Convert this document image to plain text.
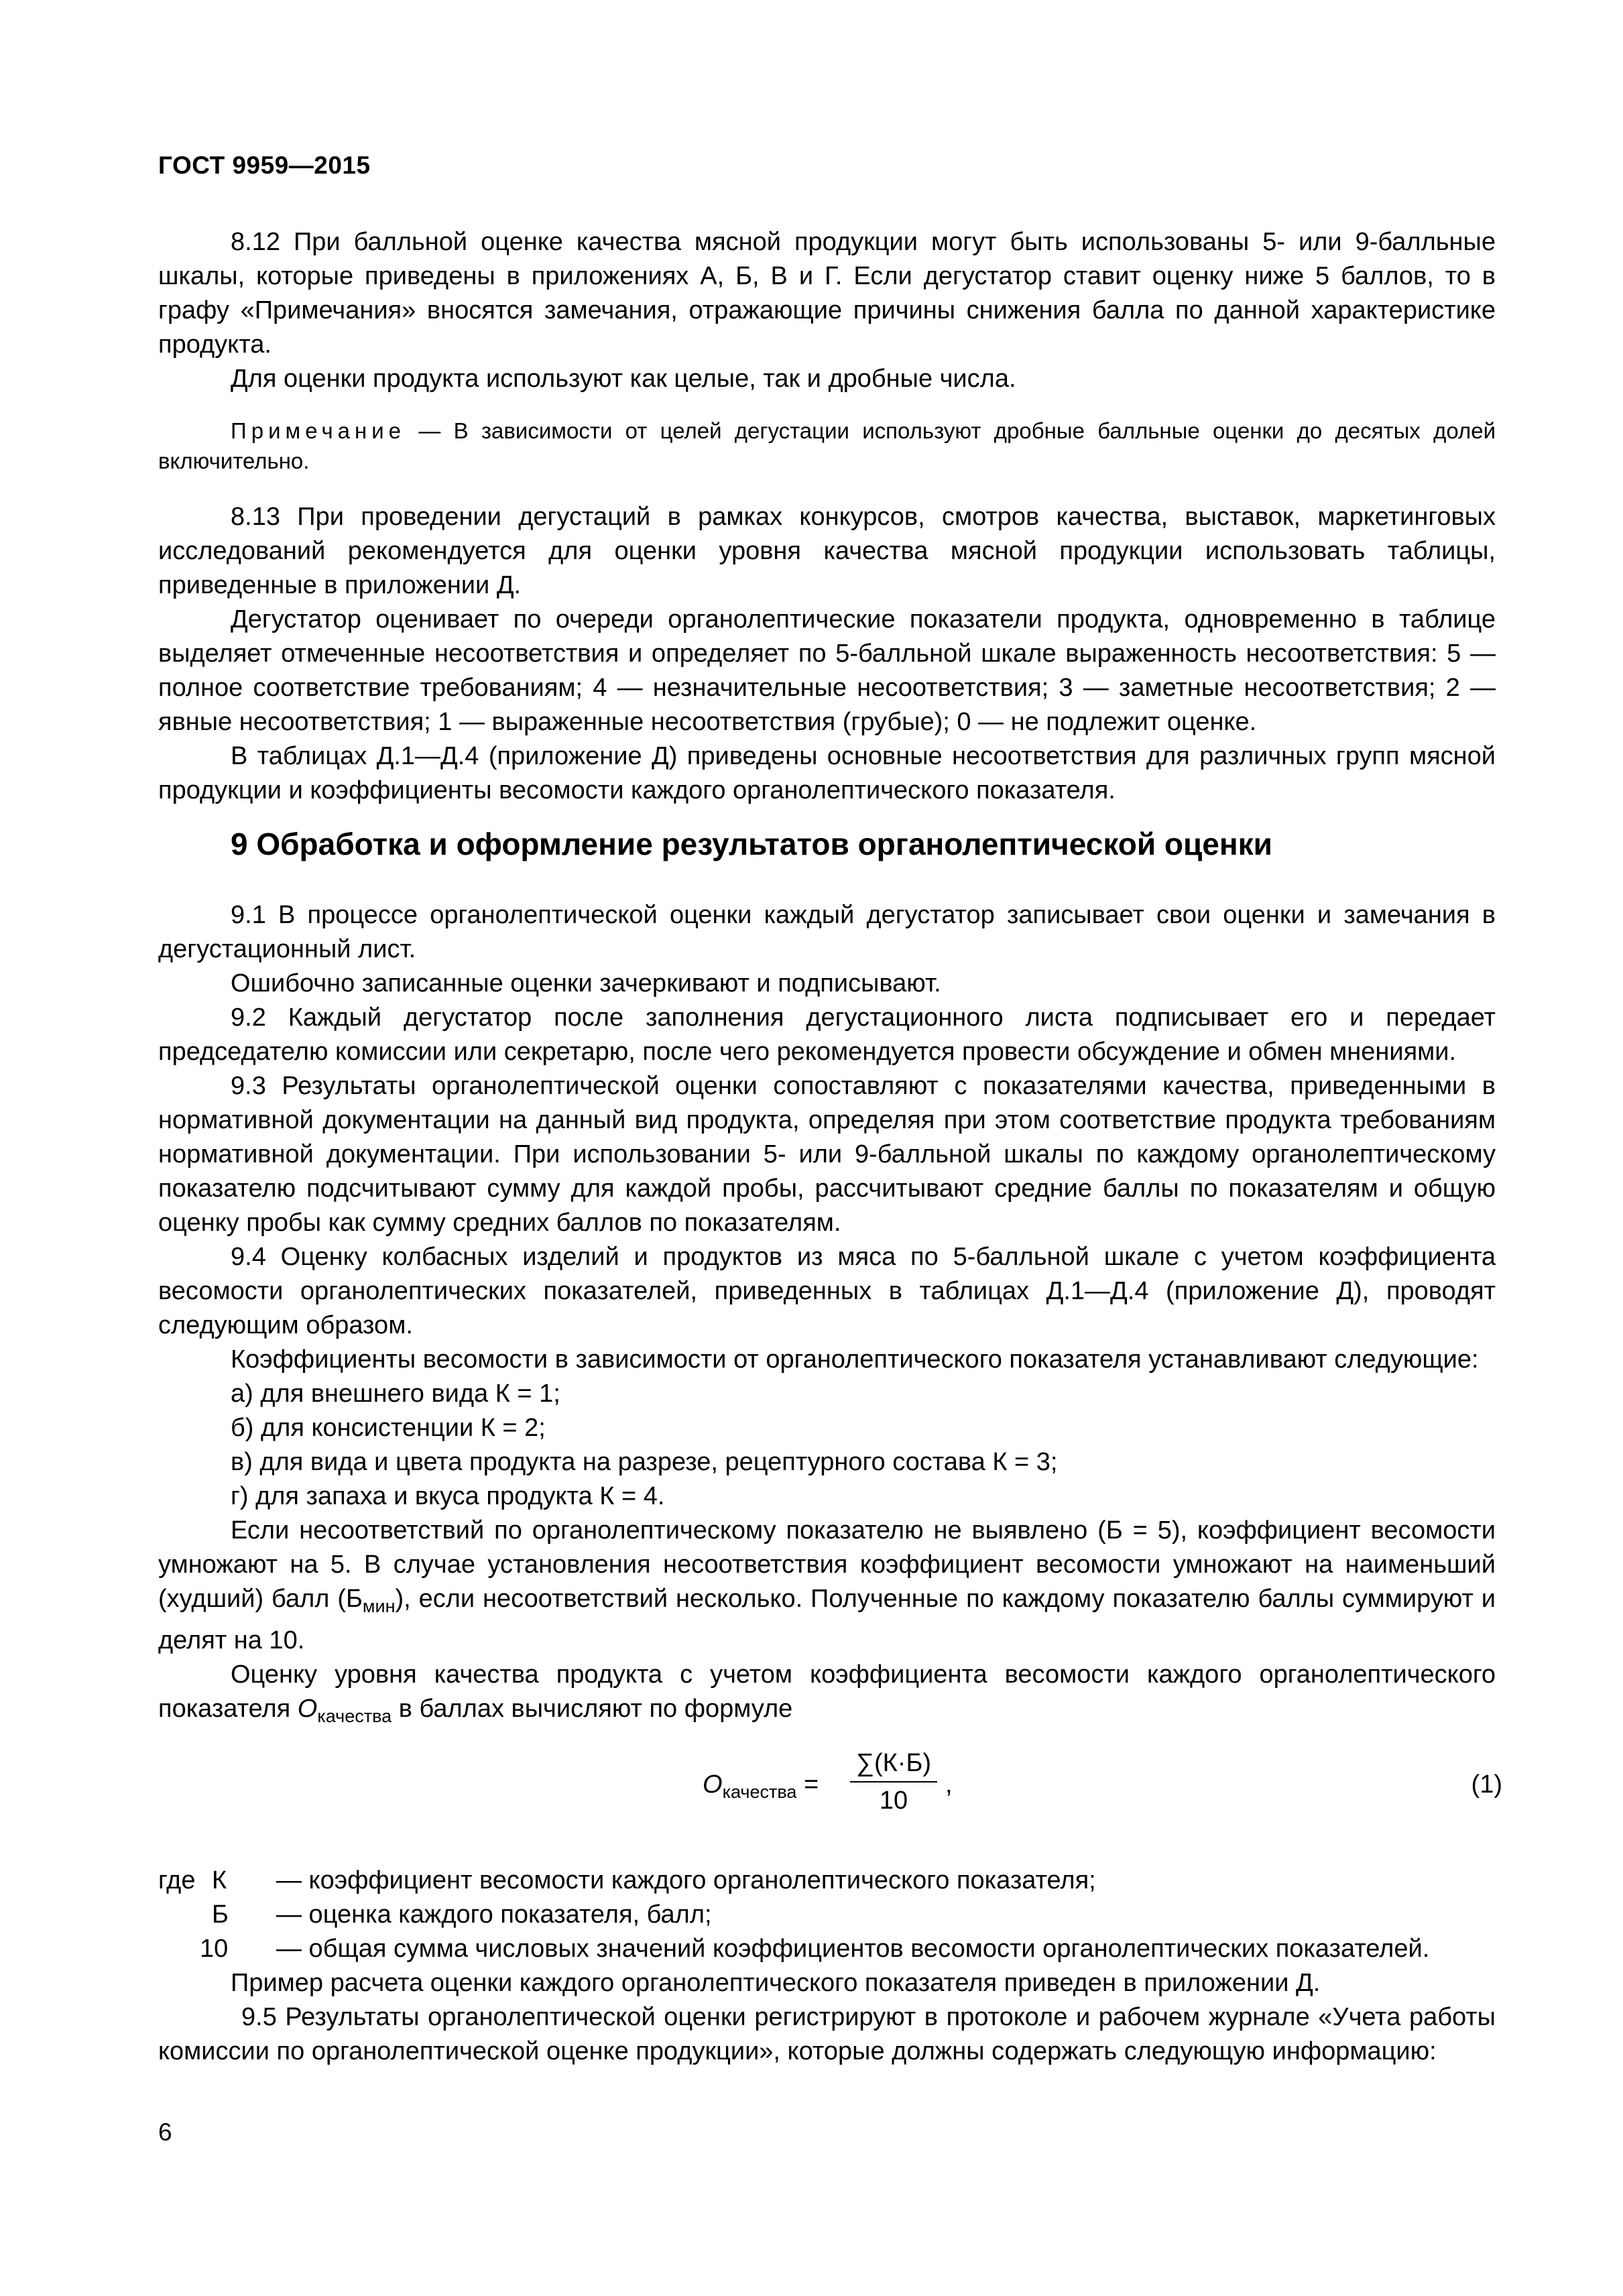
ГОСТ 9959—2015

8.12 При балльной оценке качества мясной продукции могут быть использованы 5- или 9-балльные шкалы, которые приведены в приложениях А, Б, В и Г. Если дегустатор ставит оценку ниже 5 баллов, то в графу «Примечания» вносятся замечания, отражающие причины снижения балла по данной характеристике продукта.

Для оценки продукта используют как целые, так и дробные числа.

Примечание — В зависимости от целей дегустации используют дробные балльные оценки до десятых долей включительно.

8.13 При проведении дегустаций в рамках конкурсов, смотров качества, выставок, маркетинговых исследований рекомендуется для оценки уровня качества мясной продукции использовать таблицы, приведенные в приложении Д.

Дегустатор оценивает по очереди органолептические показатели продукта, одновременно в таблице выделяет отмеченные несоответствия и определяет по 5-балльной шкале выраженность несоответствия: 5 — полное соответствие требованиям; 4 — незначительные несоответствия; 3 — заметные несоответствия; 2 — явные несоответствия; 1 — выраженные несоответствия (грубые); 0 — не подлежит оценке.

В таблицах Д.1—Д.4 (приложение Д) приведены основные несоответствия для различных групп мясной продукции и коэффициенты весомости каждого органолептического показателя.

9 Обработка и оформление результатов органолептической оценки

9.1 В процессе органолептической оценки каждый дегустатор записывает свои оценки и замечания в дегустационный лист.

Ошибочно записанные оценки зачеркивают и подписывают.

9.2 Каждый дегустатор после заполнения дегустационного листа подписывает его и передает председателю комиссии или секретарю, после чего рекомендуется провести обсуждение и обмен мнениями.

9.3 Результаты органолептической оценки сопоставляют с показателями качества, приведенными в нормативной документации на данный вид продукта, определяя при этом соответствие продукта требованиям нормативной документации. При использовании 5- или 9-балльной шкалы по каждому органолептическому показателю подсчитывают сумму для каждой пробы, рассчитывают средние баллы по показателям и общую оценку пробы как сумму средних баллов по показателям.

9.4 Оценку колбасных изделий и продуктов из мяса по 5-балльной шкале с учетом коэффициента весомости органолептических показателей, приведенных в таблицах Д.1—Д.4 (приложение Д), проводят следующим образом.

Коэффициенты весомости в зависимости от органолептического показателя устанавливают следующие:

а) для внешнего вида К = 1;

б) для консистенции К = 2;

в) для вида и цвета продукта на разрезе, рецептурного состава К = 3;

г) для запаха и вкуса продукта К = 4.

Если несоответствий по органолептическому показателю не выявлено (Б = 5), коэффициент весомости умножают на 5. В случае установления несоответствия коэффициент весомости умножают на наименьший (худший) балл $(Б_{мин})$, если несоответствий несколько. Полученные по каждому показателю баллы суммируют и делят на 10.

Оценку уровня качества продукта с учетом коэффициента весомости каждого органолептического показателя $О_{качества}$ в баллах вычисляют по формуле

$О_{качества}$ =
∑(К·Б)
10
,	(1)
где К — коэффициент весомости каждого органолептического показателя;
Б — оценка каждого показателя, балл;
10 — общая сумма числовых значений коэффициентов весомости органолептических показателей.

Пример расчета оценки каждого органолептического показателя приведен в приложении Д.

9.5 Результаты органолептической оценки регистрируют в протоколе и рабочем журнале «Учета работы комиссии по органолептической оценке продукции», которые должны содержать следующую информацию:

6
